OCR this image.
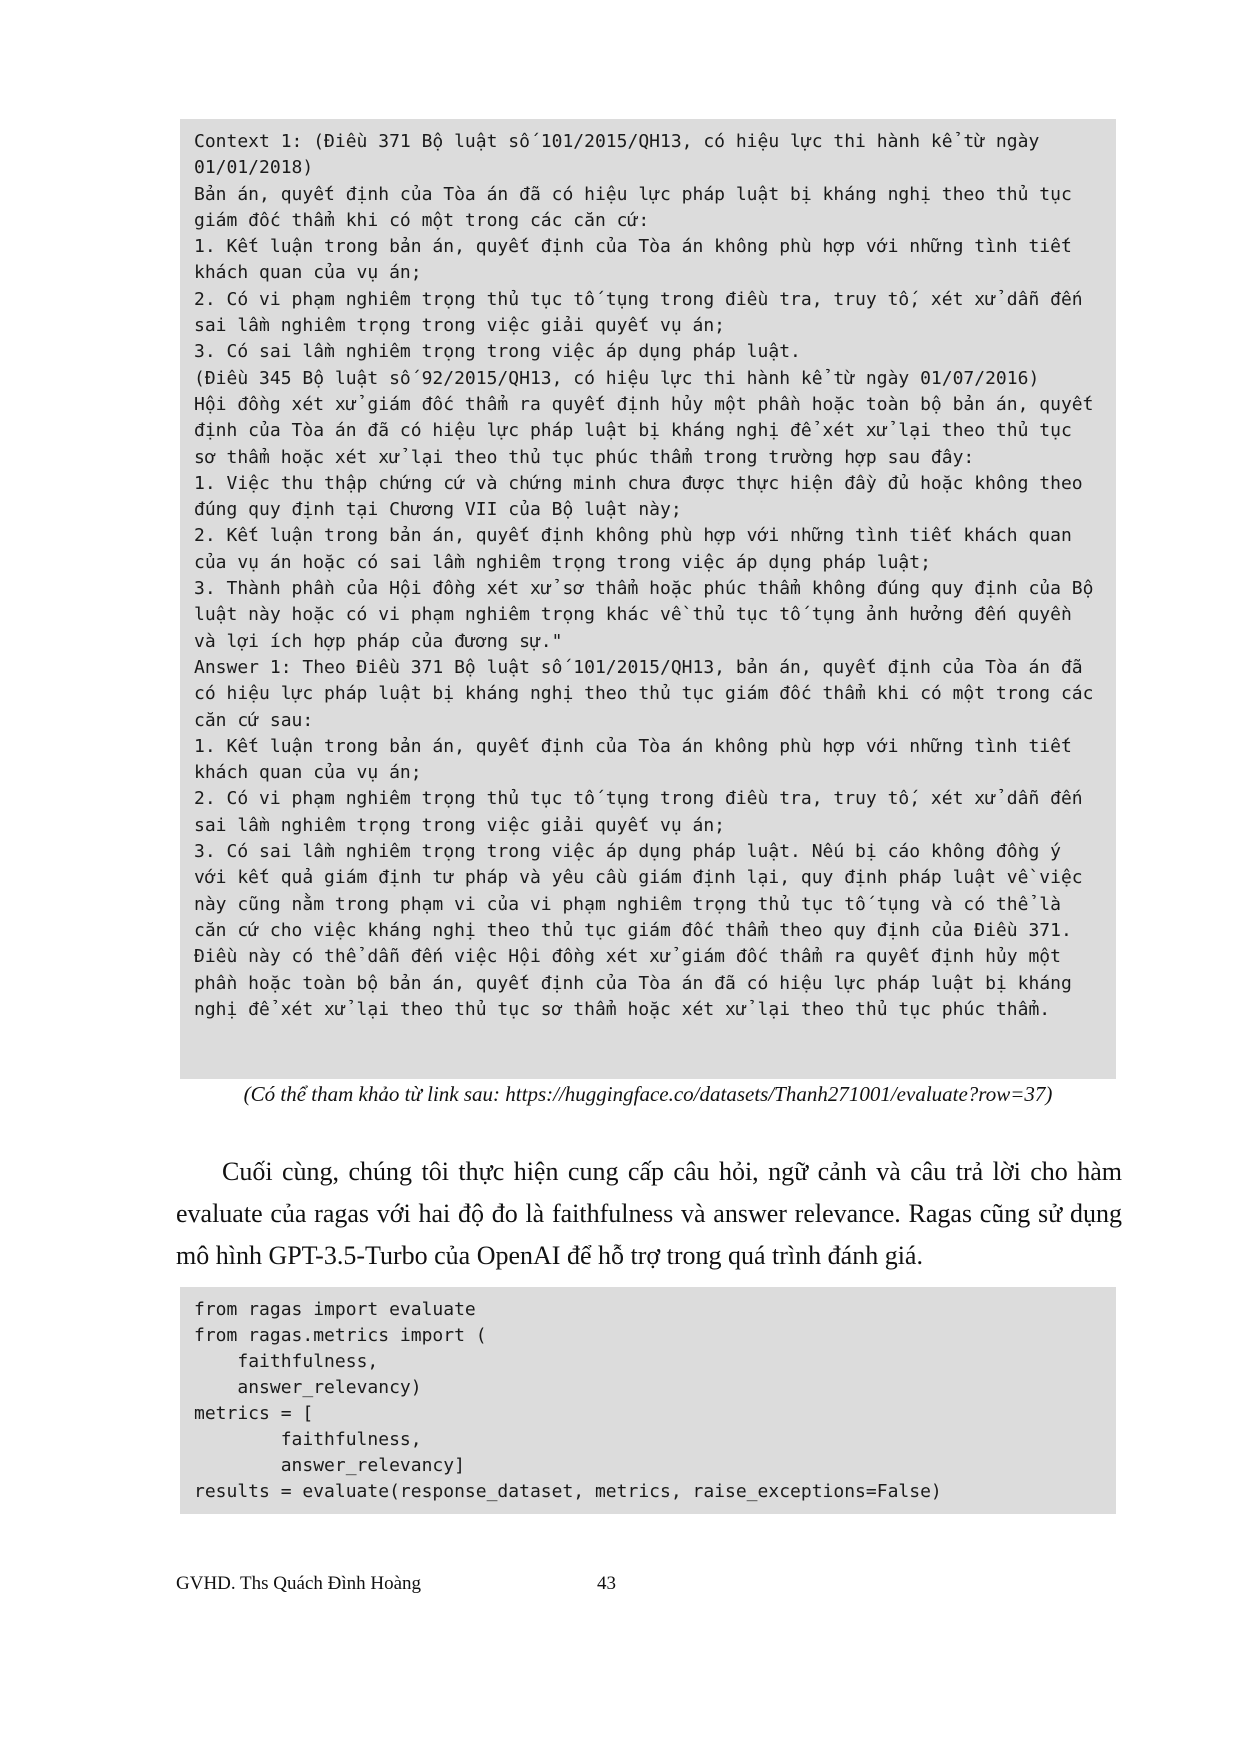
Context 1: (Điều 371 Bộ luật số 101/2015/QH13, có hiệu lực thi hành kể từ ngày 01/01/2018)
Bản án, quyết định của Tòa án đã có hiệu lực pháp luật bị kháng nghị theo thủ tục giám đốc thẩm khi có một trong các căn cứ:
1. Kết luận trong bản án, quyết định của Tòa án không phù hợp với những tình tiết khách quan của vụ án;
2. Có vi phạm nghiêm trọng thủ tục tố tụng trong điều tra, truy tố, xét xử dẫn đến sai lầm nghiêm trọng trong việc giải quyết vụ án;
3. Có sai lầm nghiêm trọng trong việc áp dụng pháp luật.
(Điều 345 Bộ luật số 92/2015/QH13, có hiệu lực thi hành kể từ ngày 01/07/2016)
Hội đồng xét xử giám đốc thẩm ra quyết định hủy một phần hoặc toàn bộ bản án, quyết định của Tòa án đã có hiệu lực pháp luật bị kháng nghị để xét xử lại theo thủ tục sơ thẩm hoặc xét xử lại theo thủ tục phúc thẩm trong trường hợp sau đây:
1. Việc thu thập chứng cứ và chứng minh chưa được thực hiện đầy đủ hoặc không theo đúng quy định tại Chương VII của Bộ luật này;
2. Kết luận trong bản án, quyết định không phù hợp với những tình tiết khách quan của vụ án hoặc có sai lầm nghiêm trọng trong việc áp dụng pháp luật;
3. Thành phần của Hội đồng xét xử sơ thẩm hoặc phúc thẩm không đúng quy định của Bộ luật này hoặc có vi phạm nghiêm trọng khác về thủ tục tố tụng ảnh hưởng đến quyền và lợi ích hợp pháp của đương sự."
Answer 1: Theo Điều 371 Bộ luật số 101/2015/QH13, bản án, quyết định của Tòa án đã có hiệu lực pháp luật bị kháng nghị theo thủ tục giám đốc thẩm khi có một trong các căn cứ sau:
1. Kết luận trong bản án, quyết định của Tòa án không phù hợp với những tình tiết khách quan của vụ án;
2. Có vi phạm nghiêm trọng thủ tục tố tụng trong điều tra, truy tố, xét xử dẫn đến sai lầm nghiêm trọng trong việc giải quyết vụ án;
3. Có sai lầm nghiêm trọng trong việc áp dụng pháp luật. Nếu bị cáo không đồng ý với kết quả giám định tư pháp và yêu cầu giám định lại, quy định pháp luật về việc này cũng nằm trong phạm vi của vi phạm nghiêm trọng thủ tục tố tụng và có thể là căn cứ cho việc kháng nghị theo thủ tục giám đốc thẩm theo quy định của Điều 371. Điều này có thể dẫn đến việc Hội đồng xét xử giám đốc thẩm ra quyết định hủy một phần hoặc toàn bộ bản án, quyết định của Tòa án đã có hiệu lực pháp luật bị kháng nghị để xét xử lại theo thủ tục sơ thẩm hoặc xét xử lại theo thủ tục phúc thẩm.
(Có thể tham khảo từ link sau: https://huggingface.co/datasets/Thanh271001/evaluate?row=37)

Cuối cùng, chúng tôi thực hiện cung cấp câu hỏi, ngữ cảnh và câu trả lời cho hàm evaluate của ragas với hai độ đo là faithfulness và answer relevance. Ragas cũng sử dụng mô hình GPT-3.5-Turbo của OpenAI để hỗ trợ trong quá trình đánh giá.

from ragas import evaluate
from ragas.metrics import (
faithfulness,
answer_relevancy)
metrics = [
faithfulness,
answer_relevancy]
results = evaluate(response_dataset, metrics, raise_exceptions=False)
GVHD. Ths Quách Đình Hoàng	43
